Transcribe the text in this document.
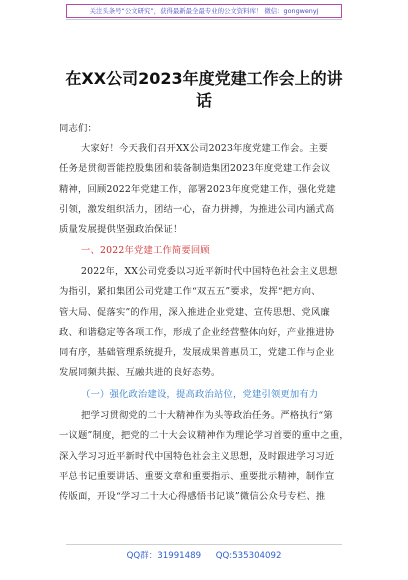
关注头条号“公文研究”，获得最新最全最专业的公文资料库！ 微信：gongwenyj
在XX公司2023年度党建工作会上的讲
话
同志们：
大家好！今天我们召开XX公司2023年度党建工作会。主要
任务是贯彻晋能控股集团和装备制造集团2023年度党建工作会议
精神，回顾2022年党建工作，部署2023年度党建工作，强化党建
引领，激发组织活力，团结一心，奋力拼搏，为推进公司内涵式高
质量发展提供坚强政治保证！
一、2022年党建工作简要回顾
2022年，XX公司党委以习近平新时代中国特色社会主义思想
为指引，紧扣集团公司党建工作“双五五”要求，发挥“把方向、
管大局、促落实”的作用，深入推进企业党建、宣传思想、党风廉
政、和谐稳定等各项工作，形成了企业经营整体向好，产业推进协
同有序，基础管理系统提升，发展成果普惠员工，党建工作与企业
发展同频共振、互融共进的良好态势。
（一）强化政治建设，提高政治站位，党建引领更加有力
把学习贯彻党的二十大精神作为头等政治任务。严格执行“第
一议题”制度，把党的二十大会议精神作为理论学习首要的重中之重，
深入学习习近平新时代中国特色社会主义思想，及时跟进学习习近
平总书记重要讲话、重要文章和重要指示、重要批示精神，制作宣
传版面，开设“学习二十大心得感悟书记谈”微信公众号专栏、推
QQ群：31991489 QQ:535304092
